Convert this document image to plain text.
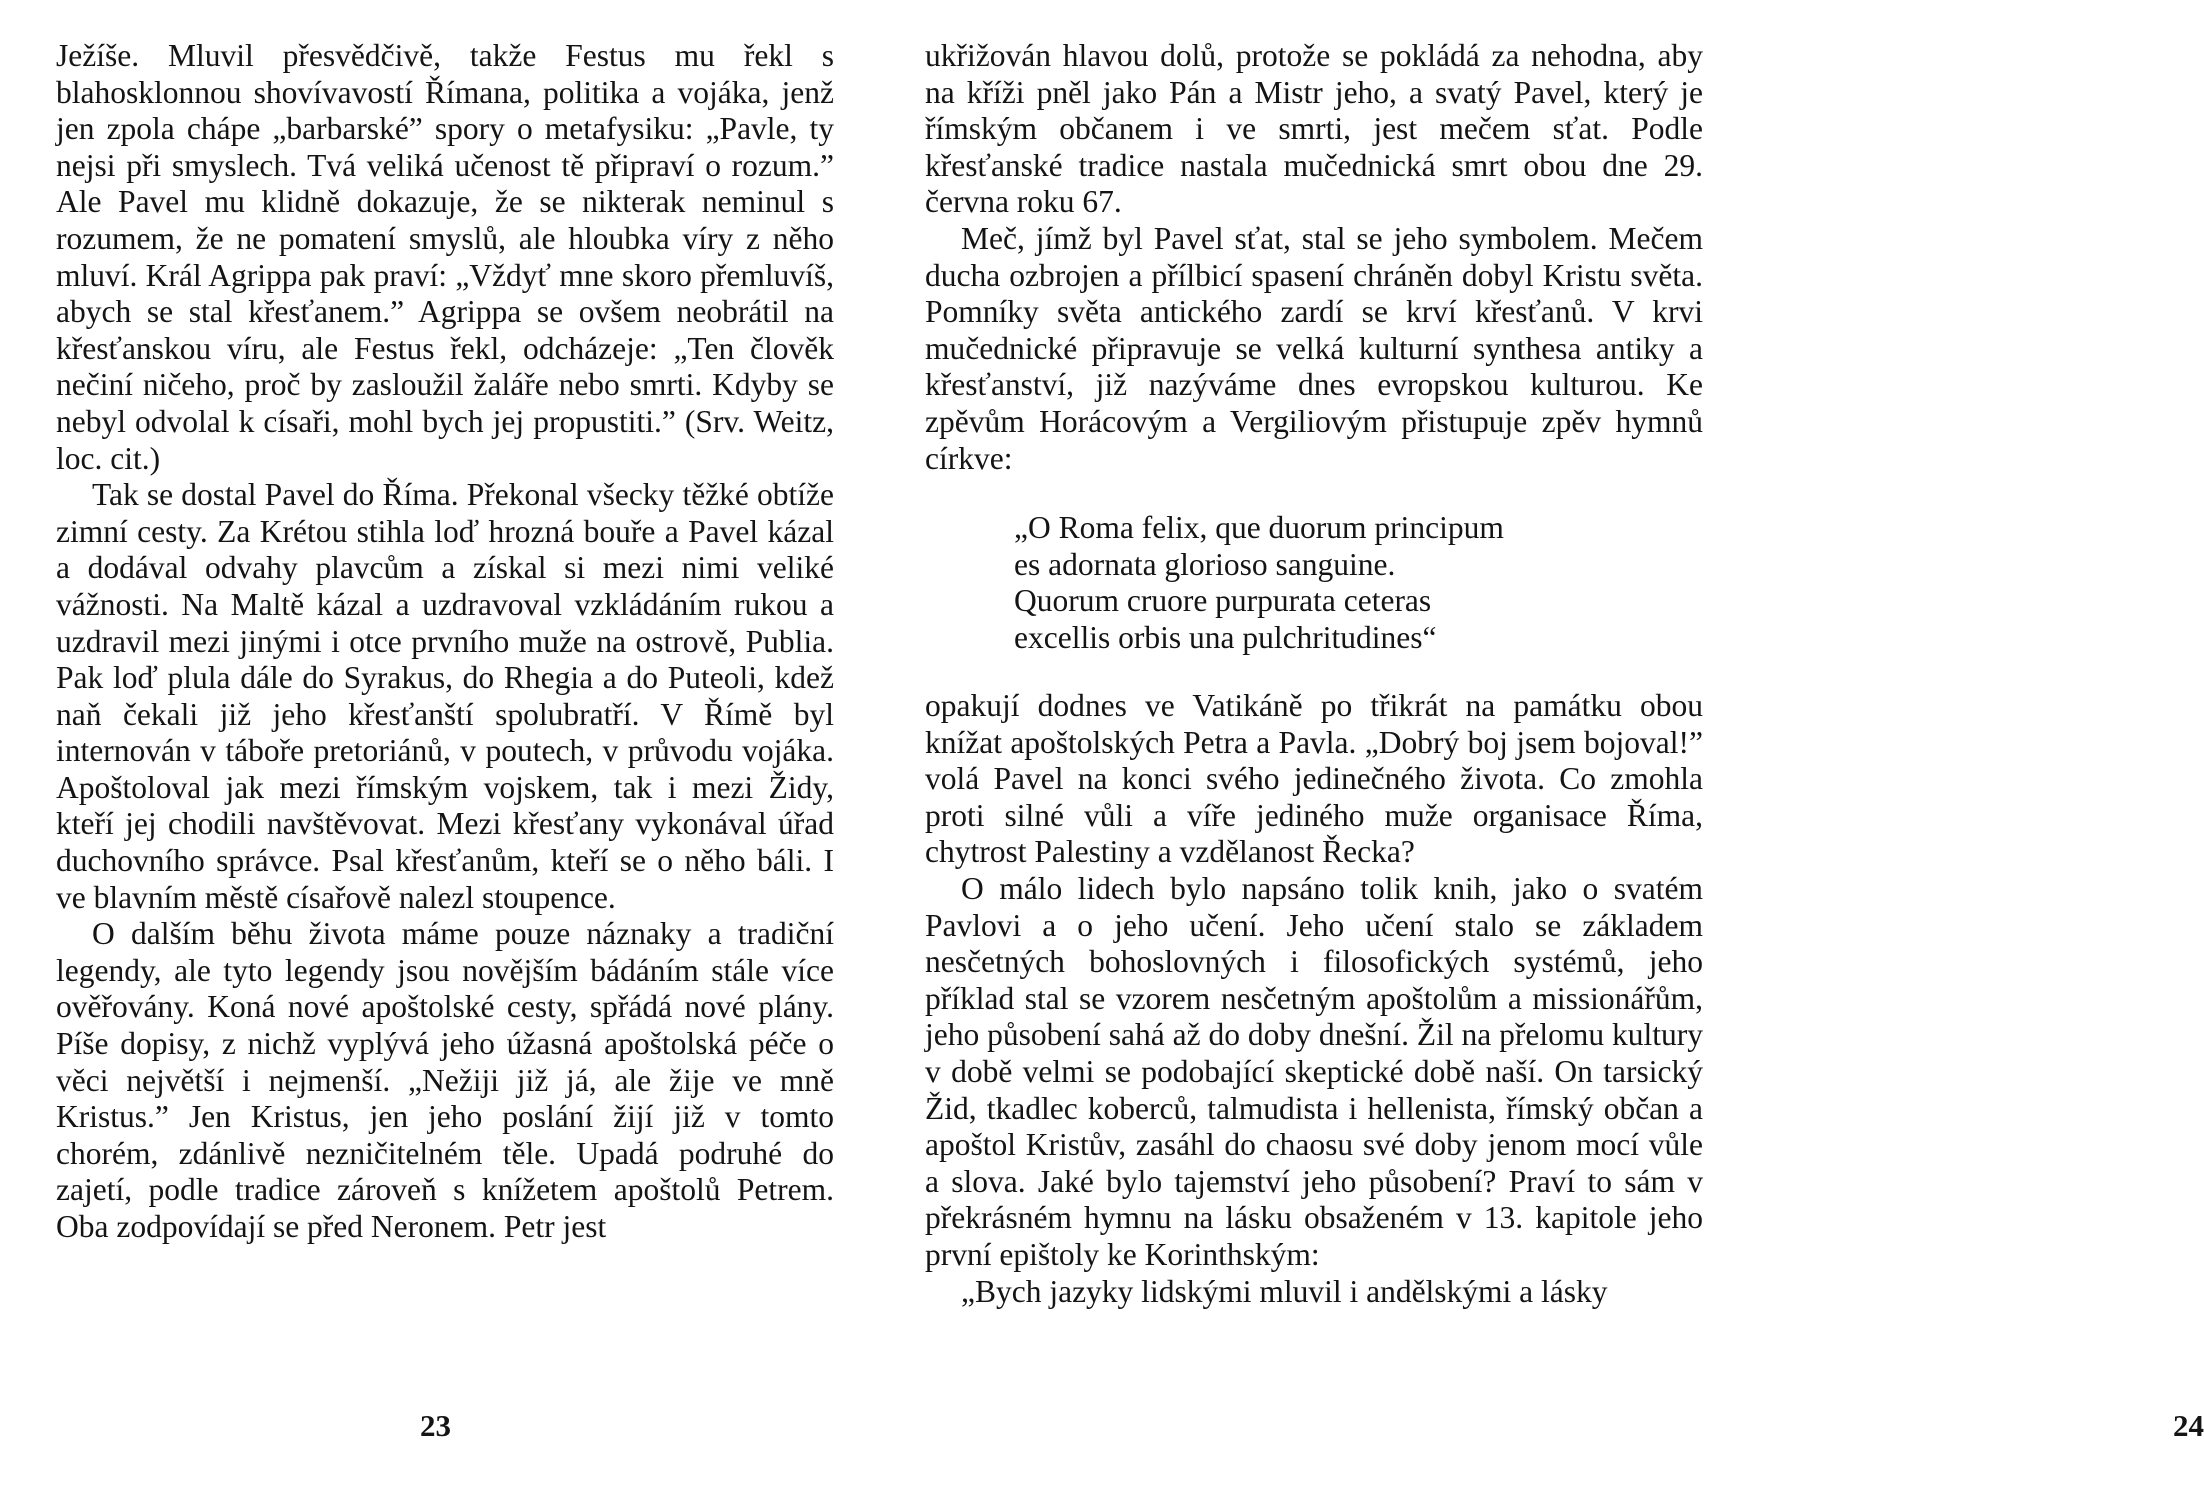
Ježíše. Mluvil přesvědčivě, takže Festus mu řekl s blahosklonnou shovívavostí Římana, politika a vojáka, jenž jen zpola chápe „barbarské” spory o metafysiku: „Pavle, ty nejsi při smyslech. Tvá veliká učenost tě připraví o rozum.” Ale Pavel mu klidně dokazuje, že se nikterak neminul s rozumem, že ne pomatení smyslů, ale hloubka víry z něho mluví. Král Agrippa pak praví: „Vždyť mne skoro přemluvíš, abych se stal křesťanem.” Agrippa se ovšem neobrátil na křesťanskou víru, ale Festus řekl, odcházeje: „Ten člověk nečiní ničeho, proč by zasloužil žaláře nebo smrti. Kdyby se nebyl odvolal k císaři, mohl bych jej propustiti.” (Srv. Weitz, loc. cit.)

Tak se dostal Pavel do Říma. Překonal všecky těžké obtíže zimní cesty. Za Krétou stihla loď hrozná bouře a Pavel kázal a dodával odvahy plavcům a získal si mezi nimi veliké vážnosti. Na Maltě kázal a uzdravoval vzkládáním rukou a uzdravil mezi jinými i otce prvního muže na ostrově, Publia. Pak loď plula dále do Syrakus, do Rhegia a do Puteoli, kdež naň čekali již jeho křesťanští spolubratří. V Římě byl internován v táboře pretoriánů, v poutech, v průvodu vojáka. Apoštoloval jak mezi římským vojskem, tak i mezi Židy, kteří jej chodili navštěvovat. Mezi křesťany vykonával úřad duchovního správce. Psal křesťanům, kteří se o něho báli. I ve blavním městě císařově nalezl stoupence.

O dalším běhu života máme pouze náznaky a tradiční legendy, ale tyto legendy jsou novějším bádáním stále více ověřovány. Koná nové apoštolské cesty, spřádá nové plány. Píše dopisy, z nichž vyplývá jeho úžasná apoštolská péče o věci největší i nejmenší. „Nežiji již já, ale žije ve mně Kristus.” Jen Kristus, jen jeho poslání žijí již v tomto chorém, zdánlivě nezničitelném těle. Upadá podruhé do zajetí, podle tradice zároveň s knížetem apoštolů Petrem. Oba zodpovídají se před Neronem. Petr jest

23

ukřižován hlavou dolů, protože se pokládá za nehodna, aby na kříži pněl jako Pán a Mistr jeho, a svatý Pavel, který je římským občanem i ve smrti, jest mečem sťat. Podle křesťanské tradice nastala mučednická smrt obou dne 29. června roku 67.

Meč, jímž byl Pavel sťat, stal se jeho symbolem. Mečem ducha ozbrojen a přílbicí spasení chráněn dobyl Kristu světa. Pomníky světa antického zardí se krví křesťanů. V krvi mučednické připravuje se velká kulturní synthesa antiky a křesťanství, již nazýváme dnes evropskou kulturou. Ke zpěvům Horácovým a Vergiliovým přistupuje zpěv hymnů církve:

opakují dodnes ve Vatikáně po třikrát na památku obou knížat apoštolských Petra a Pavla. „Dobrý boj jsem bojoval!” volá Pavel na konci svého jedinečného života. Co zmohla proti silné vůli a víře jediného muže organisace Říma, chytrost Palestiny a vzdělanost Řecka?

O málo lidech bylo napsáno tolik knih, jako o svatém Pavlovi a o jeho učení. Jeho učení stalo se základem nesčetných bohoslovných i filosofických systémů, jeho příklad stal se vzorem nesčetným apoštolům a missionářům, jeho působení sahá až do doby dnešní. Žil na přelomu kultury v době velmi se podobající skeptické době naší. On tarsický Žid, tkadlec koberců, talmudista i hellenista, římský občan a apoštol Kristův, zasáhl do chaosu své doby jenom mocí vůle a slova. Jaké bylo tajemství jeho působení? Praví to sám v překrásném hymnu na lásku obsaženém v 13. kapitole jeho první epištoly ke Korinthským:

„Bych jazyky lidskými mluvil i andělskými a lásky

24
„O Roma felix, que duorum principum
es adornata glorioso sanguine.
Quorum cruore purpurata ceteras
excellis orbis una pulchritudines“
